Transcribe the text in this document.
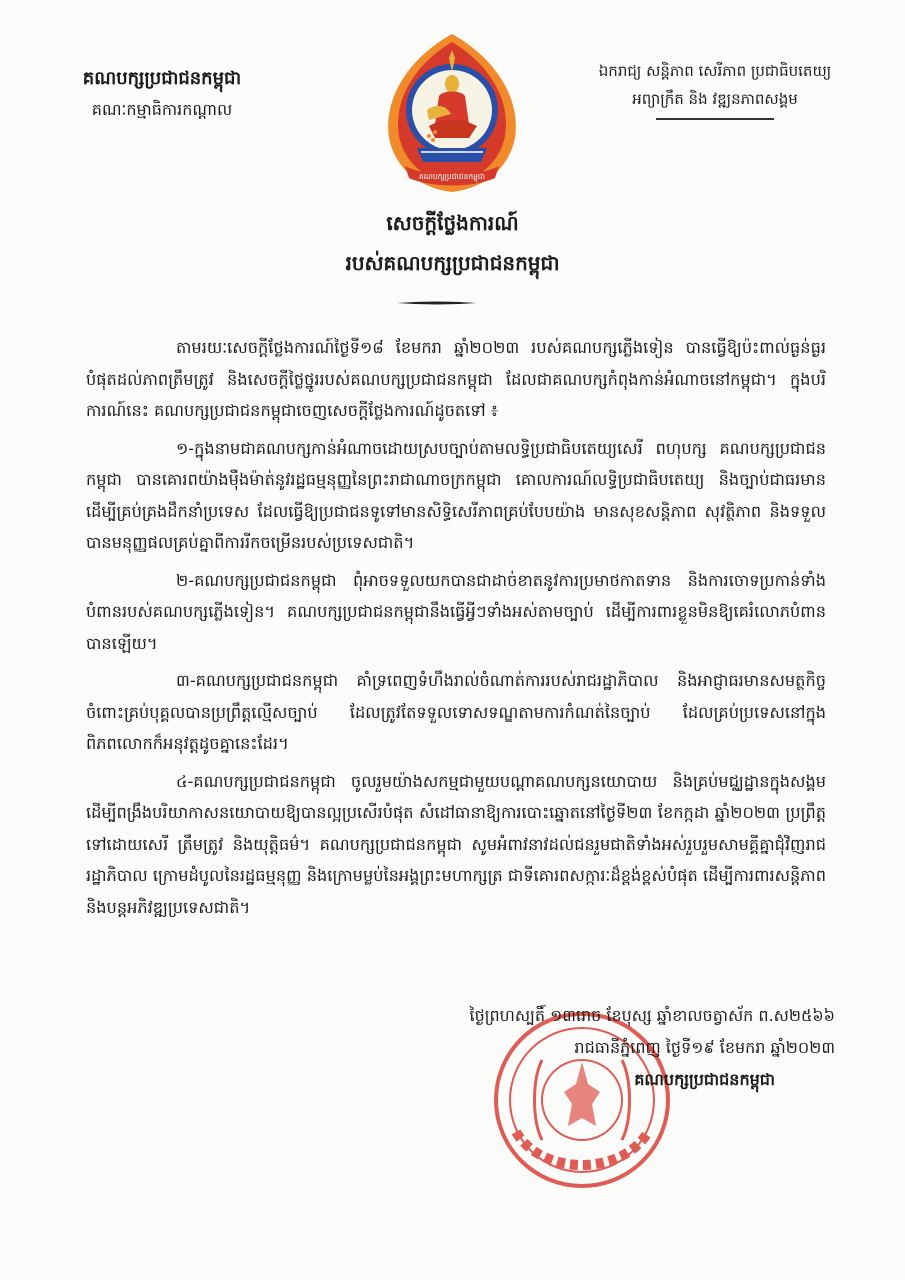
គណបក្សប្រជាជនកម្ពុជា
គណៈកម្មាធិការកណ្ដាល
គណបក្សប្រជាជនកម្ពុជា
ឯករាជ្យ សន្តិភាព សេរីភាព ប្រជាធិបតេយ្យ
អព្យាក្រឹត និង វឌ្ឍនភាពសង្គម
សេចក្ដីថ្លែងការណ៍
របស់គណបក្សប្រជាជនកម្ពុជា

តាមរយៈសេចក្ដីថ្លែងការណ៍ថ្ងៃទី១៨ ខែមករា ឆ្នាំ២០២៣ របស់គណបក្សភ្លើងទៀន បានធ្វើឱ្យប៉ះពាល់ធ្ងន់ធ្ងរបំផុតដល់ភាពត្រឹមត្រូវ និងសេចក្ដីថ្លៃថ្នូររបស់គណបក្សប្រជាជនកម្ពុជា ដែលជាគណបក្សកំពុងកាន់អំណាចនៅកម្ពុជា។ ក្នុងបរិការណ៍នេះ គណបក្សប្រជាជនកម្ពុជាចេញសេចក្ដីថ្លែងការណ៍ដូចតទៅ ៖

១-ក្នុងនាមជាគណបក្សកាន់អំណាចដោយស្របច្បាប់តាមលទ្ធិប្រជាធិបតេយ្យសេរី ពហុបក្ស គណបក្សប្រជាជនកម្ពុជា បានគោរពយ៉ាងម៉ឺងម៉ាត់នូវរដ្ឋធម្មនុញ្ញនៃព្រះរាជាណាចក្រកម្ពុជា គោលការណ៍លទ្ធិប្រជាធិបតេយ្យ និងច្បាប់ជាធរមាន ដើម្បីគ្រប់គ្រងដឹកនាំប្រទេស ដែលធ្វើឱ្យប្រជាជនទូទៅមានសិទ្ធិសេរីភាពគ្រប់បែបយ៉ាង មានសុខសន្តិភាព សុវត្ថិភាព និងទទួលបានមនុញ្ញផលគ្រប់គ្នាពីការរីកចម្រើនរបស់ប្រទេសជាតិ។

២-គណបក្សប្រជាជនកម្ពុជា ពុំអាចទទួលយកបានជាដាច់ខាតនូវការប្រមាថកាតទាន និងការចោទប្រកាន់ទាំងបំពានរបស់គណបក្សភ្លើងទៀន។ គណបក្សប្រជាជនកម្ពុជានឹងធ្វើអ្វីៗទាំងអស់តាមច្បាប់ ដើម្បីការពារខ្លួនមិនឱ្យគេរំលោភបំពានបានឡើយ។

៣-គណបក្សប្រជាជនកម្ពុជា គាំទ្រពេញទំហឹងរាល់ចំណាត់ការរបស់រាជរដ្ឋាភិបាល និងអាជ្ញាធរមានសមត្ថកិច្ច ចំពោះគ្រប់បុគ្គលបានប្រព្រឹត្តល្មើសច្បាប់ ដែលត្រូវតែទទួលទោសទណ្ឌតាមការកំណត់នៃច្បាប់ ដែលគ្រប់ប្រទេសនៅក្នុងពិភពលោកក៏អនុវត្តដូចគ្នានេះដែរ។

៤-គណបក្សប្រជាជនកម្ពុជា ចូលរួមយ៉ាងសកម្មជាមួយបណ្ដាគណបក្សនយោបាយ និងគ្រប់មជ្ឈដ្ឋានក្នុងសង្គម ដើម្បីពង្រឹងបរិយាកាសនយោបាយឱ្យបានល្អប្រសើរបំផុត សំដៅធានាឱ្យការបោះឆ្នោតនៅថ្ងៃទី២៣ ខែកក្កដា ឆ្នាំ២០២៣ ប្រព្រឹត្តទៅដោយសេរី ត្រឹមត្រូវ និងយុត្តិធម៌។ គណបក្សប្រជាជនកម្ពុជា សូមអំពាវនាវដល់ជនរួមជាតិទាំងអស់រួបរួមសាមគ្គីគ្នាជុំវិញរាជរដ្ឋាភិបាល ក្រោមដំបូលនៃរដ្ឋធម្មនុញ្ញ និងក្រោមម្លប់នៃអង្គព្រះមហាក្សត្រ ជាទីគោរពសក្ការៈដ៏ខ្ពង់ខ្ពស់បំផុត ដើម្បីការពារសន្តិភាព និងបន្តអភិវឌ្ឍប្រទេសជាតិ។

ថ្ងៃព្រហស្បតិ៍ ១៣រោច ខែបុស្ស ឆ្នាំខាលចត្វាស័ក ព.ស២៥៦៦
រាជធានីភ្នំពេញ ថ្ងៃទី១៩ ខែមករា ឆ្នាំ២០២៣
គណបក្សប្រជាជនកម្ពុជា
